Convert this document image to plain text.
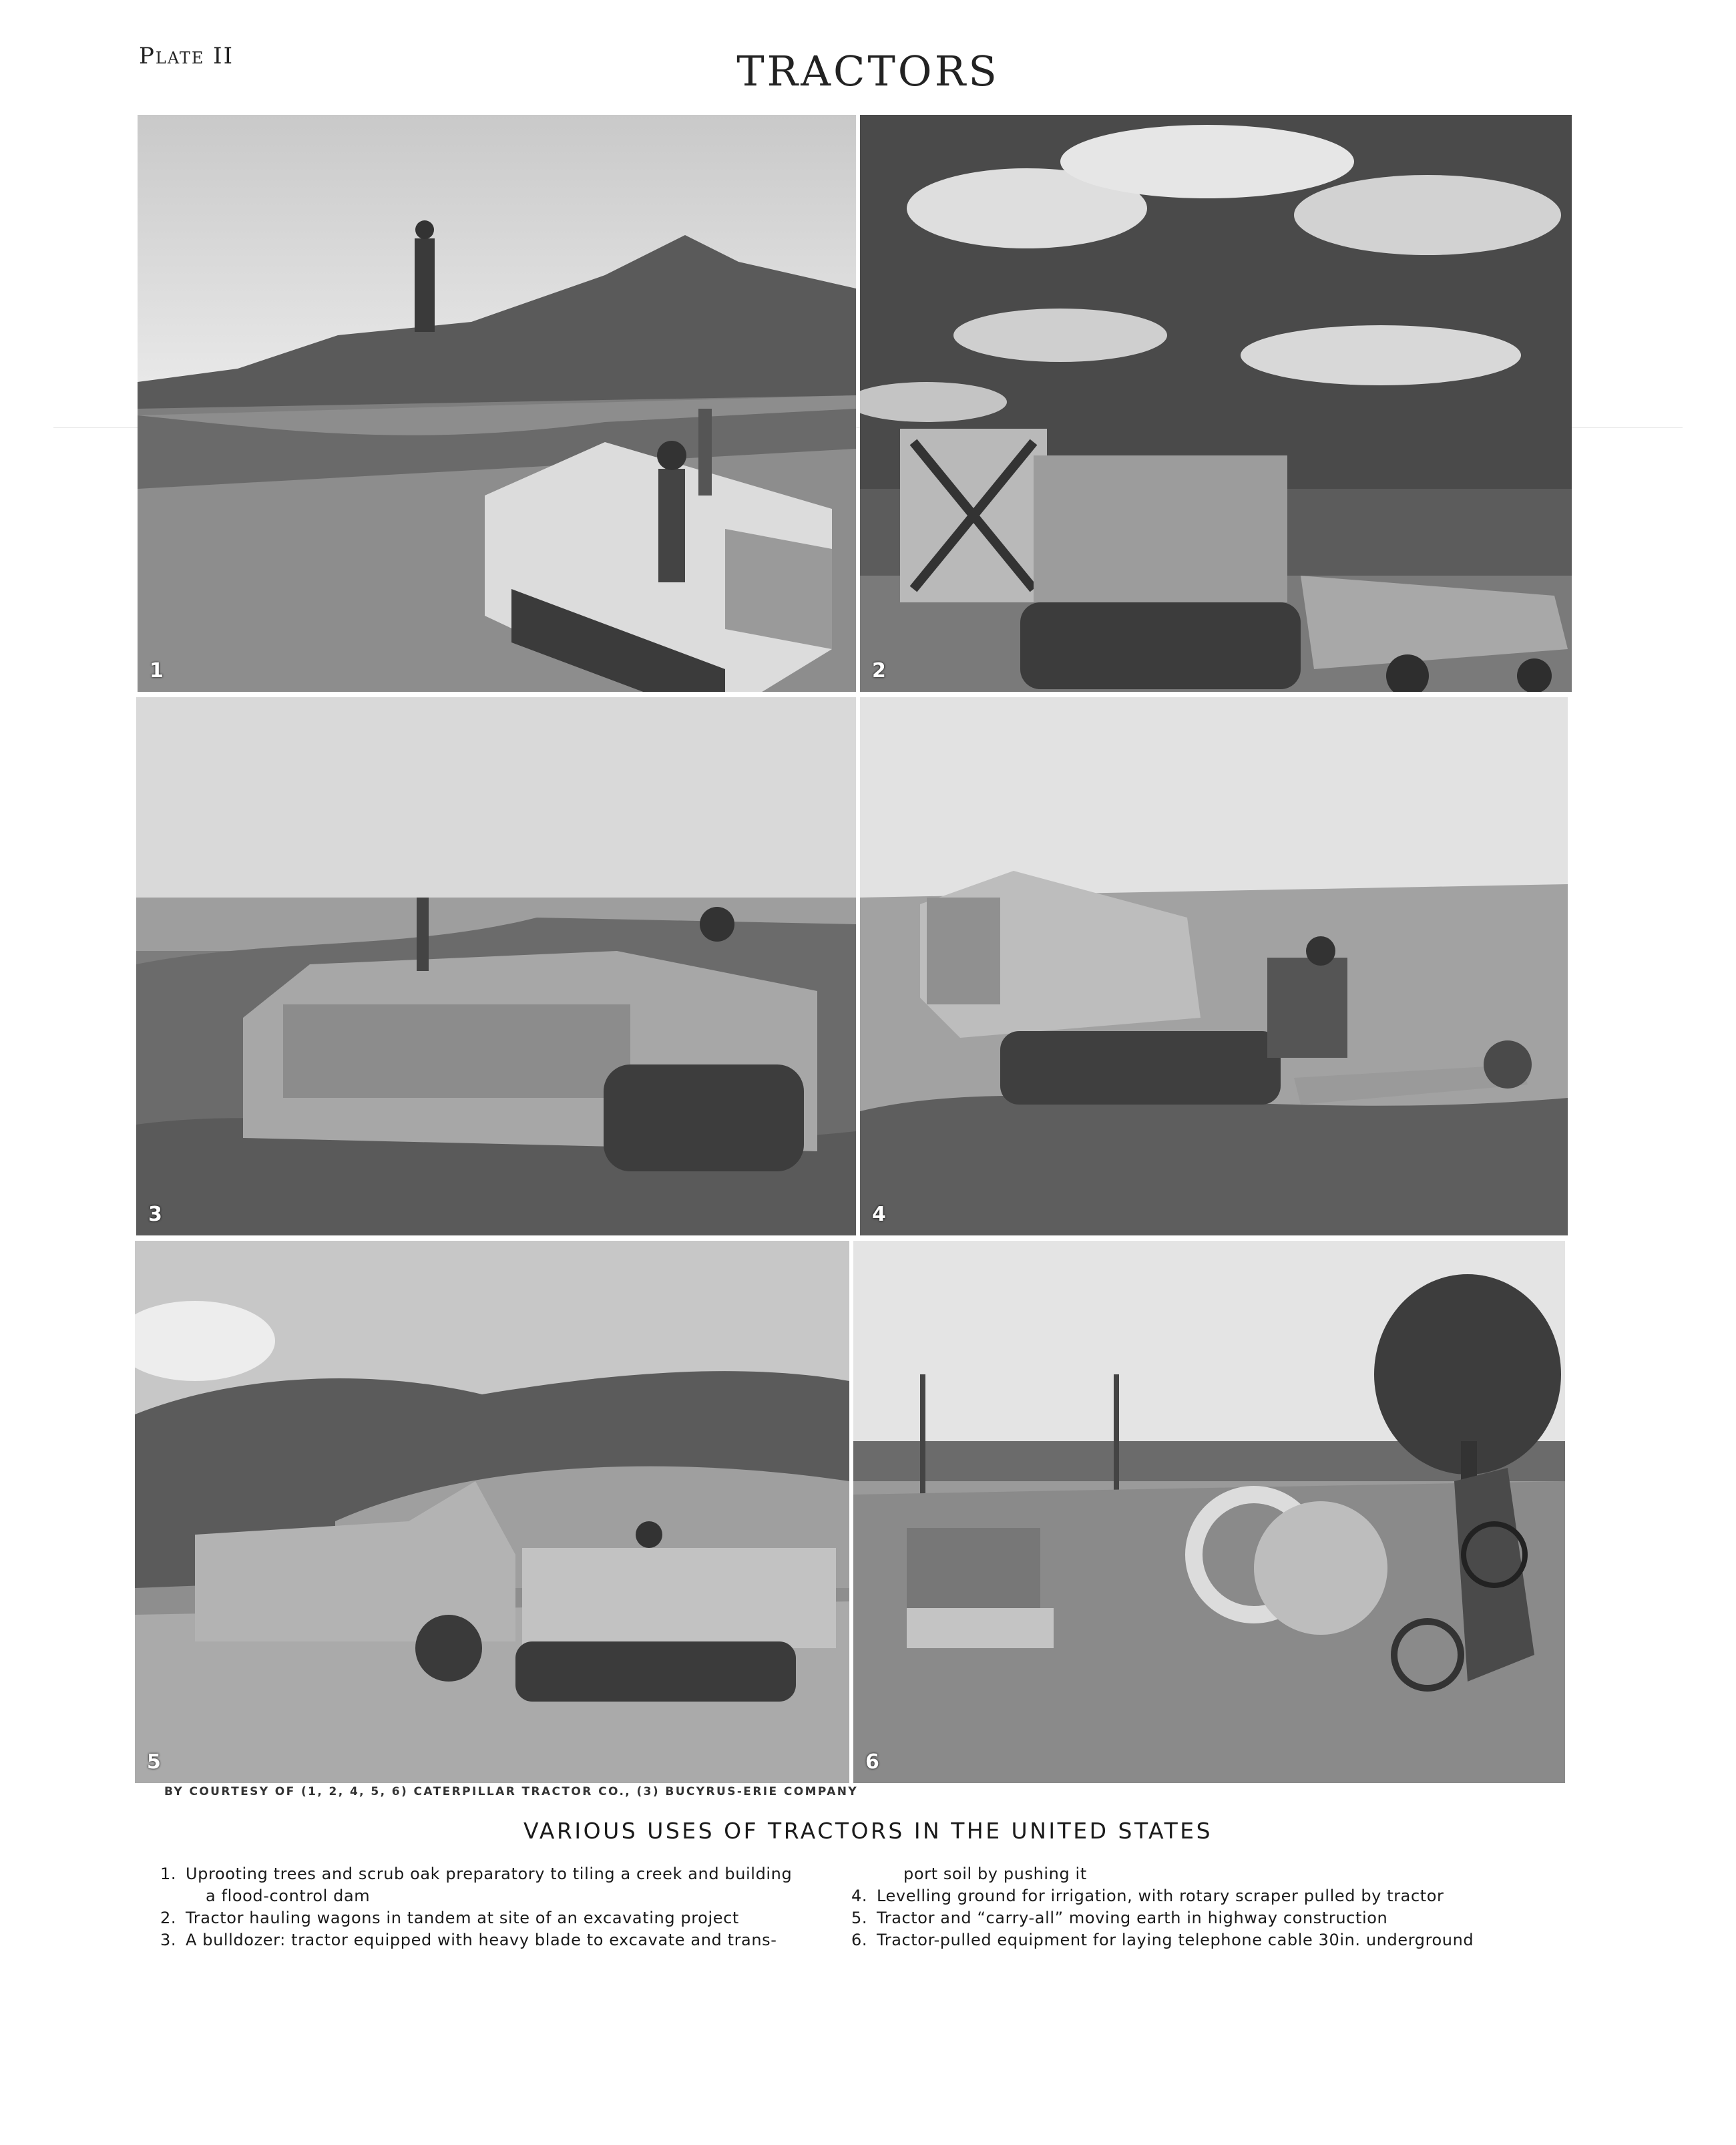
Plate II	TRACTORS
1	2
3	4
5	6
BY COURTESY OF (1, 2, 4, 5, 6) CATERPILLAR TRACTOR CO., (3) BUCYRUS-ERIE COMPANY
VARIOUS USES OF TRACTORS IN THE UNITED STATES
1. Uprooting trees and scrub oak preparatory to tiling a creek and building
a flood-control dam
2. Tractor hauling wagons in tandem at site of an excavating project
3. A bulldozer: tractor equipped with heavy blade to excavate and trans-
port soil by pushing it
4. Levelling ground for irrigation, with rotary scraper pulled by tractor
5. Tractor and “carry-all” moving earth in highway construction
6. Tractor-pulled equipment for laying telephone cable 30in. underground
